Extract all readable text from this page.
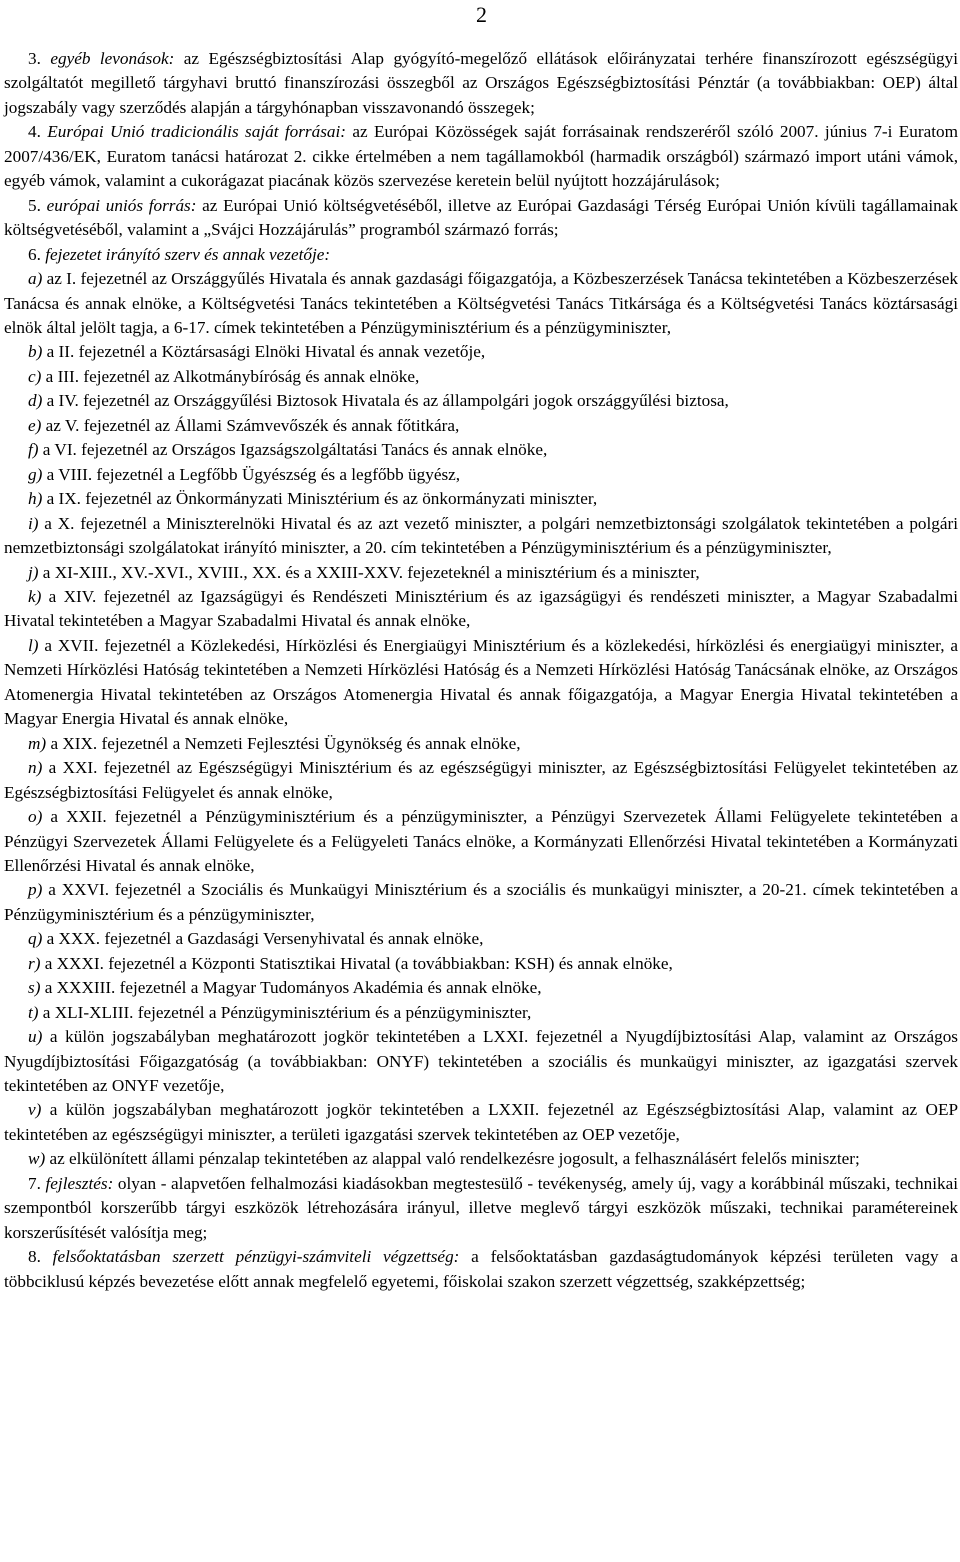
2

3. egyéb levonások: az Egészségbiztosítási Alap gyógyító-megelőző ellátások előirányzatai terhére finanszírozott egészségügyi szolgáltatót megillető tárgyhavi bruttó finanszírozási összegből az Országos Egészségbiztosítási Pénztár (a továbbiakban: OEP) által jogszabály vagy szerződés alapján a tárgyhónapban visszavonandó összegek;

4. Európai Unió tradicionális saját forrásai: az Európai Közösségek saját forrásainak rendszeréről szóló 2007. június 7-i Euratom 2007/436/EK, Euratom tanácsi határozat 2. cikke értelmében a nem tagállamokból (harmadik országból) származó import utáni vámok, egyéb vámok, valamint a cukorágazat piacának közös szervezése keretein belül nyújtott hozzájárulások;

5. európai uniós forrás: az Európai Unió költségvetéséből, illetve az Európai Gazdasági Térség Európai Unión kívüli tagállamainak költségvetéséből, valamint a „Svájci Hozzájárulás” programból származó forrás;

6. fejezetet irányító szerv és annak vezetője:

a) az I. fejezetnél az Országgyűlés Hivatala és annak gazdasági főigazgatója, a Közbeszerzések Tanácsa tekintetében a Közbeszerzések Tanácsa és annak elnöke, a Költségvetési Tanács tekintetében a Költségvetési Tanács Titkársága és a Költségvetési Tanács köztársasági elnök által jelölt tagja, a 6-17. címek tekintetében a Pénzügyminisztérium és a pénzügyminiszter,

b) a II. fejezetnél a Köztársasági Elnöki Hivatal és annak vezetője,

c) a III. fejezetnél az Alkotmánybíróság és annak elnöke,

d) a IV. fejezetnél az Országgyűlési Biztosok Hivatala és az állampolgári jogok országgyűlési biztosa,

e) az V. fejezetnél az Állami Számvevőszék és annak főtitkára,

f) a VI. fejezetnél az Országos Igazságszolgáltatási Tanács és annak elnöke,

g) a VIII. fejezetnél a Legfőbb Ügyészség és a legfőbb ügyész,

h) a IX. fejezetnél az Önkormányzati Minisztérium és az önkormányzati miniszter,

i) a X. fejezetnél a Miniszterelnöki Hivatal és az azt vezető miniszter, a polgári nemzetbiztonsági szolgálatok tekintetében a polgári nemzetbiztonsági szolgálatokat irányító miniszter, a 20. cím tekintetében a Pénzügyminisztérium és a pénzügyminiszter,

j) a XI-XIII., XV.-XVI., XVIII., XX. és a XXIII-XXV. fejezeteknél a minisztérium és a miniszter,

k) a XIV. fejezetnél az Igazságügyi és Rendészeti Minisztérium és az igazságügyi és rendészeti miniszter, a Magyar Szabadalmi Hivatal tekintetében a Magyar Szabadalmi Hivatal és annak elnöke,

l) a XVII. fejezetnél a Közlekedési, Hírközlési és Energiaügyi Minisztérium és a közlekedési, hírközlési és energiaügyi miniszter, a Nemzeti Hírközlési Hatóság tekintetében a Nemzeti Hírközlési Hatóság és a Nemzeti Hírközlési Hatóság Tanácsának elnöke, az Országos Atomenergia Hivatal tekintetében az Országos Atomenergia Hivatal és annak főigazgatója, a Magyar Energia Hivatal tekintetében a Magyar Energia Hivatal és annak elnöke,

m) a XIX. fejezetnél a Nemzeti Fejlesztési Ügynökség és annak elnöke,

n) a XXI. fejezetnél az Egészségügyi Minisztérium és az egészségügyi miniszter, az Egészségbiztosítási Felügyelet tekintetében az Egészségbiztosítási Felügyelet és annak elnöke,

o) a XXII. fejezetnél a Pénzügyminisztérium és a pénzügyminiszter, a Pénzügyi Szervezetek Állami Felügyelete tekintetében a Pénzügyi Szervezetek Állami Felügyelete és a Felügyeleti Tanács elnöke, a Kormányzati Ellenőrzési Hivatal tekintetében a Kormányzati Ellenőrzési Hivatal és annak elnöke,

p) a XXVI. fejezetnél a Szociális és Munkaügyi Minisztérium és a szociális és munkaügyi miniszter, a 20-21. címek tekintetében a Pénzügyminisztérium és a pénzügyminiszter,

q) a XXX. fejezetnél a Gazdasági Versenyhivatal és annak elnöke,

r) a XXXI. fejezetnél a Központi Statisztikai Hivatal (a továbbiakban: KSH) és annak elnöke,

s) a XXXIII. fejezetnél a Magyar Tudományos Akadémia és annak elnöke,

t) a XLI-XLIII. fejezetnél a Pénzügyminisztérium és a pénzügyminiszter,

u) a külön jogszabályban meghatározott jogkör tekintetében a LXXI. fejezetnél a Nyugdíjbiztosítási Alap, valamint az Országos Nyugdíjbiztosítási Főigazgatóság (a továbbiakban: ONYF) tekintetében a szociális és munkaügyi miniszter, az igazgatási szervek tekintetében az ONYF vezetője,

v) a külön jogszabályban meghatározott jogkör tekintetében a LXXII. fejezetnél az Egészségbiztosítási Alap, valamint az OEP tekintetében az egészségügyi miniszter, a területi igazgatási szervek tekintetében az OEP vezetője,

w) az elkülönített állami pénzalap tekintetében az alappal való rendelkezésre jogosult, a felhasználásért felelős miniszter;

7. fejlesztés: olyan - alapvetően felhalmozási kiadásokban megtestesülő - tevékenység, amely új, vagy a korábbinál műszaki, technikai szempontból korszerűbb tárgyi eszközök létrehozására irányul, illetve meglevő tárgyi eszközök műszaki, technikai paramétereinek korszerűsítését valósítja meg;

8. felsőoktatásban szerzett pénzügyi-számviteli végzettség: a felsőoktatásban gazdaságtudományok képzési területen vagy a többciklusú képzés bevezetése előtt annak megfelelő egyetemi, főiskolai szakon szerzett végzettség, szakképzettség;
